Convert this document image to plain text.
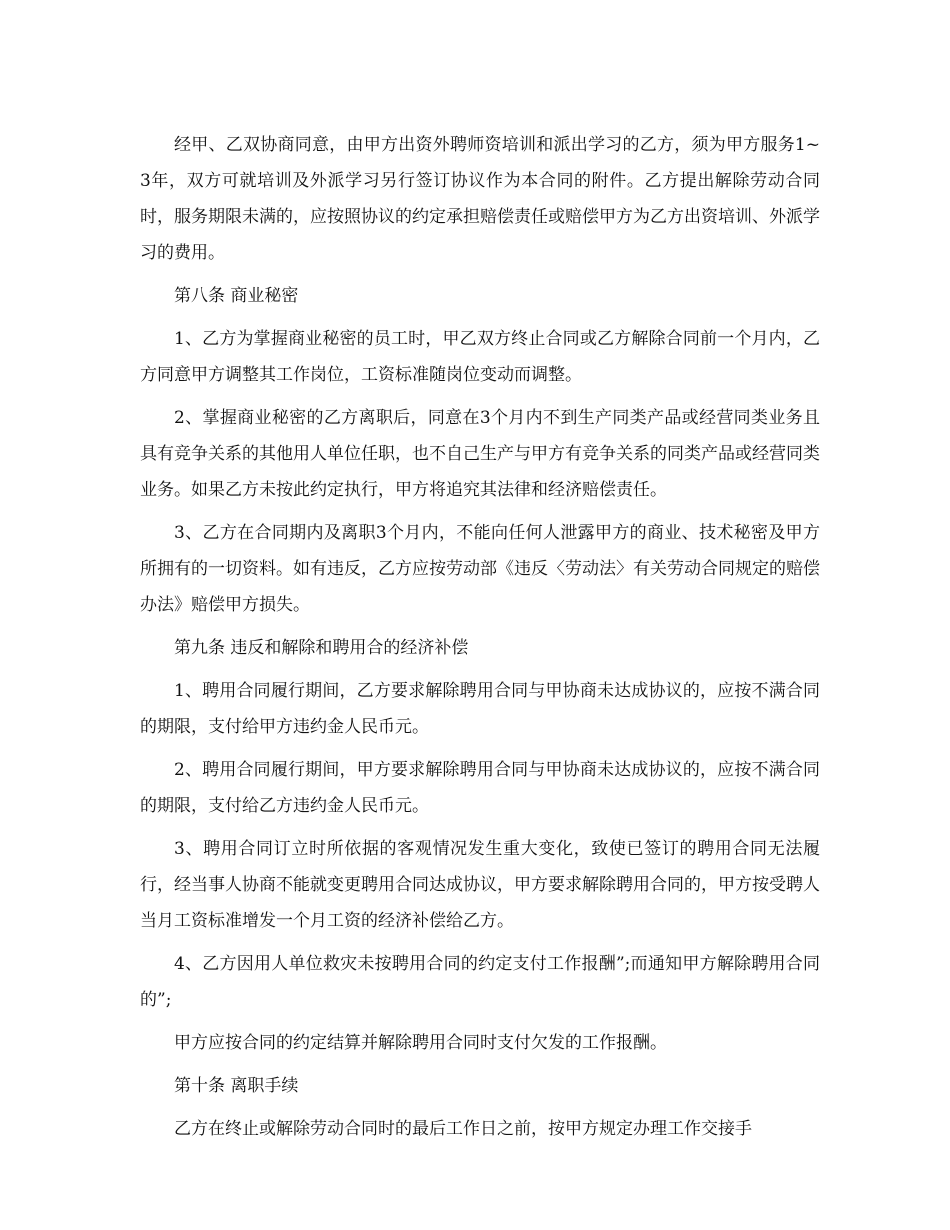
经甲、乙双协商同意，由甲方出资外聘师资培训和派出学习的乙方，须为甲方服务1~3年，双方可就培训及外派学习另行签订协议作为本合同的附件。乙方提出解除劳动合同时，服务期限未满的，应按照协议的约定承担赔偿责任或赔偿甲方为乙方出资培训、外派学习的费用。

第八条 商业秘密

1、乙方为掌握商业秘密的员工时，甲乙双方终止合同或乙方解除合同前一个月内，乙方同意甲方调整其工作岗位，工资标准随岗位变动而调整。

2、掌握商业秘密的乙方离职后，同意在3个月内不到生产同类产品或经营同类业务且具有竞争关系的其他用人单位任职，也不自己生产与甲方有竞争关系的同类产品或经营同类业务。如果乙方未按此约定执行，甲方将追究其法律和经济赔偿责任。

3、乙方在合同期内及离职3个月内，不能向任何人泄露甲方的商业、技术秘密及甲方所拥有的一切资料。如有违反，乙方应按劳动部《违反〈劳动法〉有关劳动合同规定的赔偿办法》赔偿甲方损失。

第九条 违反和解除和聘用合的经济补偿

1、聘用合同履行期间，乙方要求解除聘用合同与甲协商未达成协议的，应按不满合同的期限，支付给甲方违约金人民币元。

2、聘用合同履行期间，甲方要求解除聘用合同与甲协商未达成协议的，应按不满合同的期限，支付给乙方违约金人民币元。

3、聘用合同订立时所依据的客观情况发生重大变化，致使已签订的聘用合同无法履行，经当事人协商不能就变更聘用合同达成协议，甲方要求解除聘用合同的，甲方按受聘人当月工资标准增发一个月工资的经济补偿给乙方。

4、乙方因用人单位救灾未按聘用合同的约定支付工作报酬”;而通知甲方解除聘用合同的”;

甲方应按合同的约定结算并解除聘用合同时支付欠发的工作报酬。

第十条 离职手续

乙方在终止或解除劳动合同时的最后工作日之前，按甲方规定办理工作交接手
